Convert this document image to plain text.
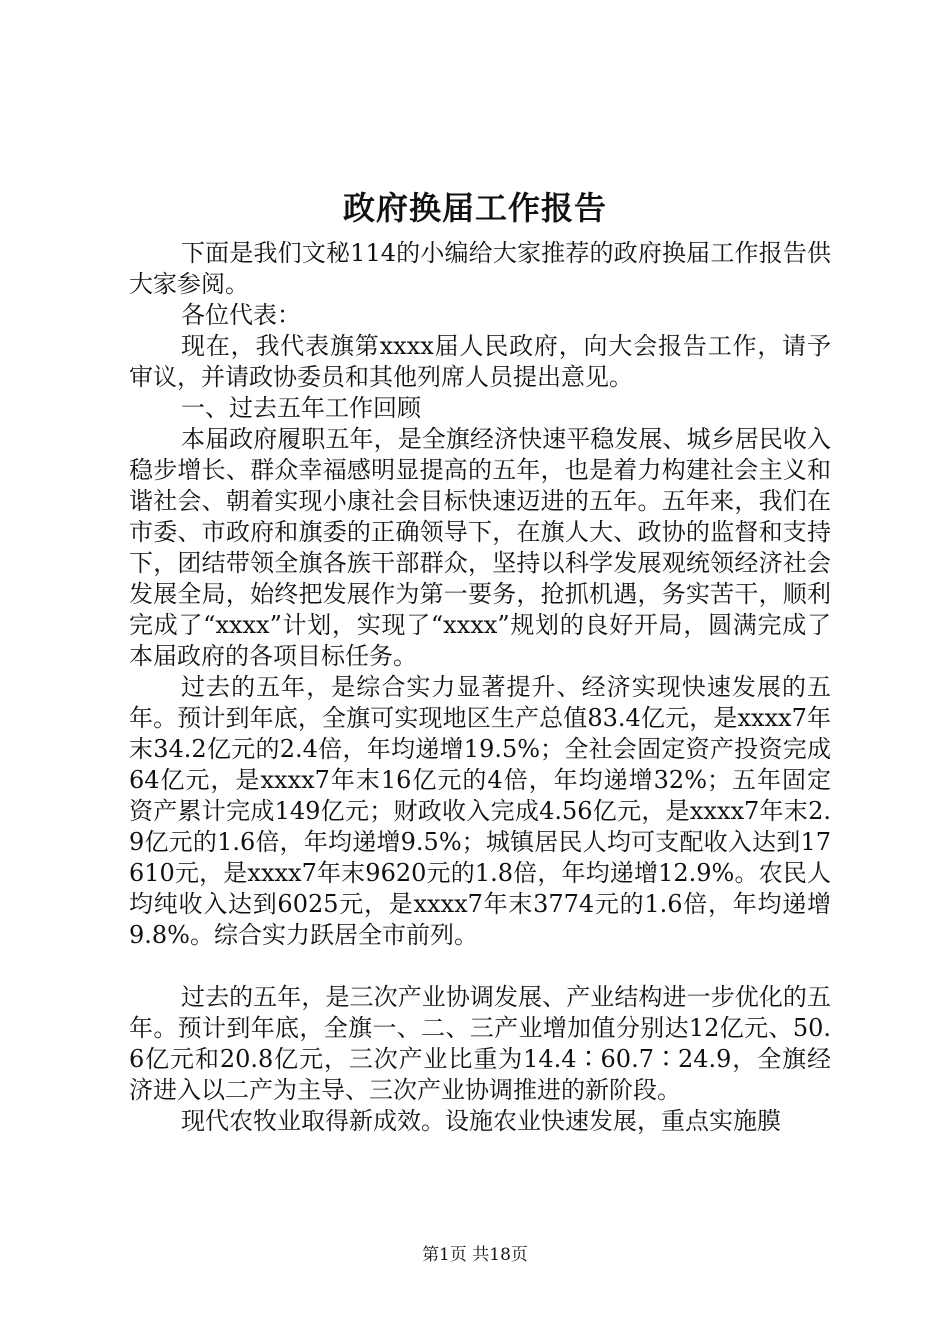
政府换届工作报告

下面是我们文秘114的小编给大家推荐的政府换届工作报告供大家参阅。

各位代表：

现在，我代表旗第xxxx届人民政府，向大会报告工作，请予审议，并请政协委员和其他列席人员提出意见。

一、过去五年工作回顾

本届政府履职五年，是全旗经济快速平稳发展、城乡居民收入稳步增长、群众幸福感明显提高的五年，也是着力构建社会主义和谐社会、朝着实现小康社会目标快速迈进的五年。五年来，我们在市委、市政府和旗委的正确领导下，在旗人大、政协的监督和支持下，团结带领全旗各族干部群众，坚持以科学发展观统领经济社会发展全局，始终把发展作为第一要务，抢抓机遇，务实苦干，顺利完成了“xxxx”计划，实现了“xxxx”规划的良好开局，圆满完成了本届政府的各项目标任务。

过去的五年，是综合实力显著提升、经济实现快速发展的五年。预计到年底，全旗可实现地区生产总值83.4亿元，是xxxx7年末34.2亿元的2.4倍，年均递增19.5%；全社会固定资产投资完成64亿元，是xxxx7年末16亿元的4倍，年均递增32%；五年固定资产累计完成149亿元；财政收入完成4.56亿元，是xxxx7年末2.9亿元的1.6倍，年均递增9.5%；城镇居民人均可支配收入达到17610元，是xxxx7年末9620元的1.8倍，年均递增12.9%。农民人均纯收入达到6025元，是xxxx7年末3774元的1.6倍，年均递增9.8%。综合实力跃居全市前列。

过去的五年，是三次产业协调发展、产业结构进一步优化的五年。预计到年底，全旗一、二、三产业增加值分别达12亿元、50.6亿元和20.8亿元，三次产业比重为14.4∶60.7∶24.9，全旗经济进入以二产为主导、三次产业协调推进的新阶段。

现代农牧业取得新成效。设施农业快速发展，重点实施膜

第1页 共18页
